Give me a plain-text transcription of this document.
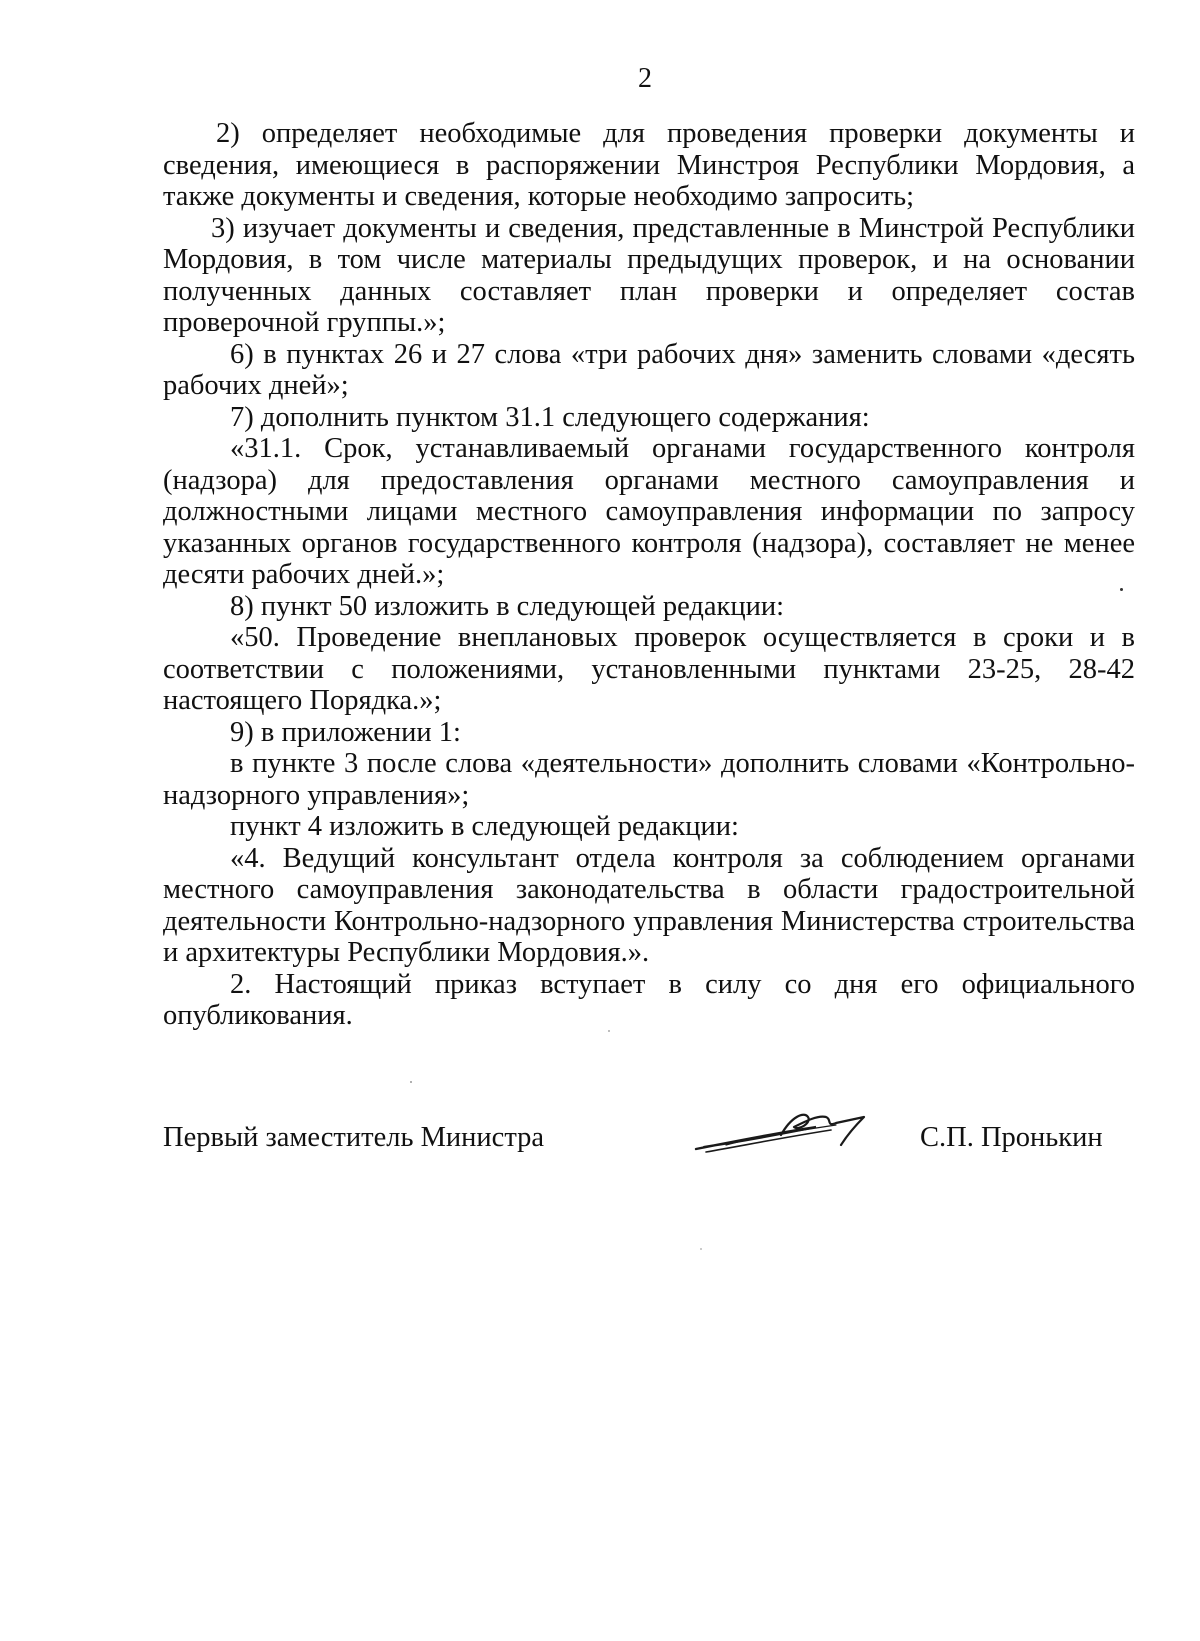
2

2) определяет необходимые для проведения проверки документы и сведения, имеющиеся в распоряжении Минстроя Республики Мордовия, а также документы и сведения, которые необходимо запросить;

3) изучает документы и сведения, представленные в Минстрой Республики Мордовия, в том числе материалы предыдущих проверок, и на основании полученных данных составляет план проверки и определяет состав проверочной группы.»;

6) в пунктах 26 и 27 слова «три рабочих дня» заменить словами «десять рабочих дней»;

7) дополнить пунктом 31.1 следующего содержания:

«31.1. Срок, устанавливаемый органами государственного контроля (надзора) для предоставления органами местного самоуправления и должностными лицами местного самоуправления информации по запросу указанных органов государственного контроля (надзора), составляет не менее десяти рабочих дней.»;

8) пункт 50 изложить в следующей редакции:

«50. Проведение внеплановых проверок осуществляется в сроки и в соответствии с положениями, установленными пунктами 23-25, 28-42 настоящего Порядка.»;

9) в приложении 1:

в пункте 3 после слова «деятельности» дополнить словами «Контрольно-надзорного управления»;

пункт 4 изложить в следующей редакции:

«4. Ведущий консультант отдела контроля за соблюдением органами местного самоуправления законодательства в области градостроительной деятельности Контрольно-надзорного управления Министерства строительства и архитектуры Республики Мордовия.».

2. Настоящий приказ вступает в силу со дня его официального опубликования.

Первый заместитель Министра	С.П. Пронькин
